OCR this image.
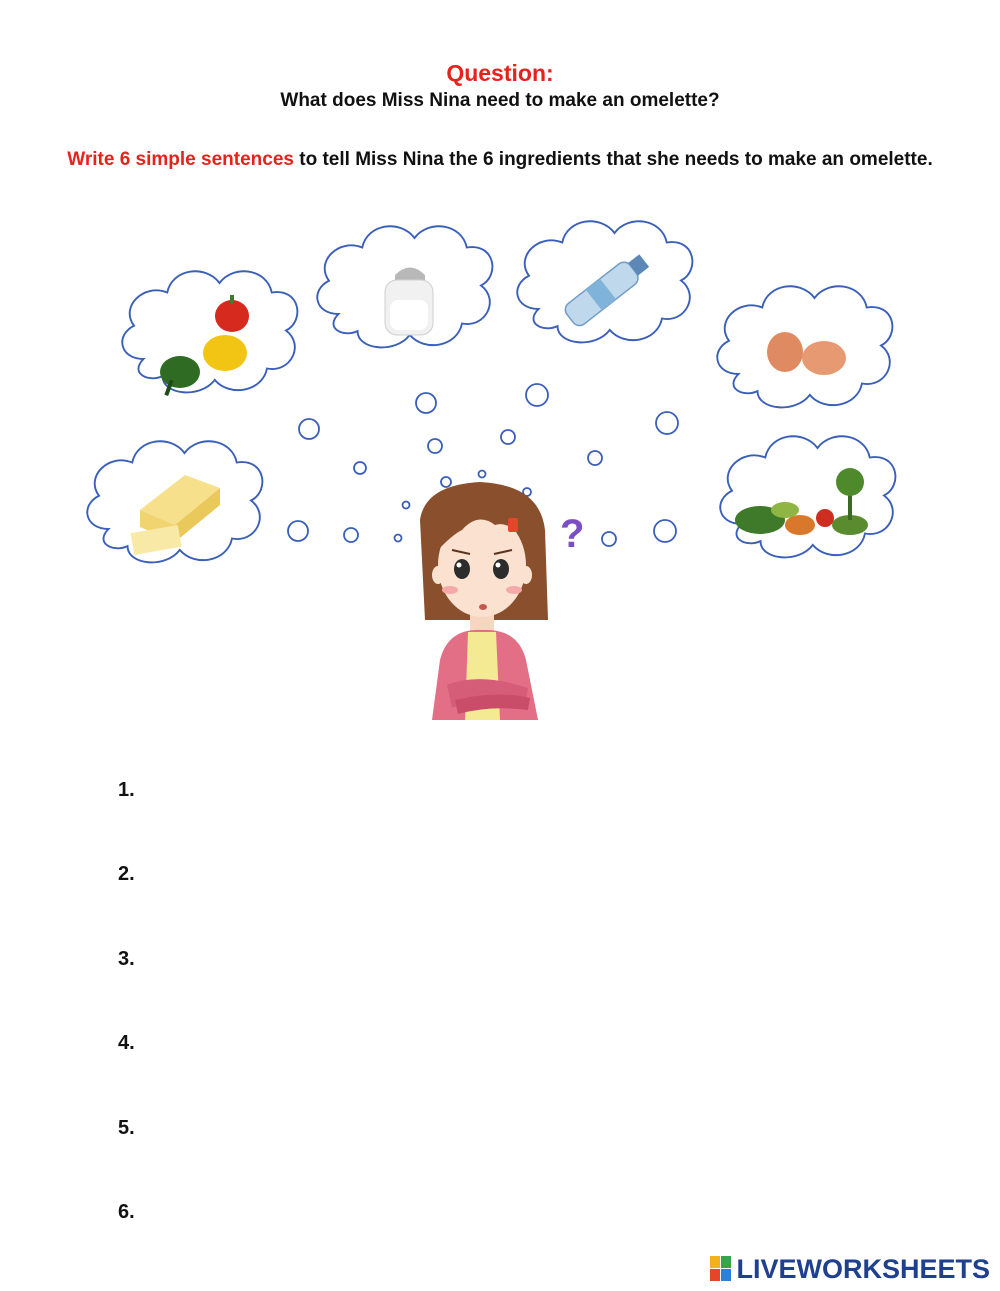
Question:

What does Miss Nina need to make an omelette?

Write 6 simple sentences to tell Miss Nina the 6 ingredients that she needs to make an omelette.

?
1.
2.
3.
4.
5.
6.
LIVEWORKSHEETS
